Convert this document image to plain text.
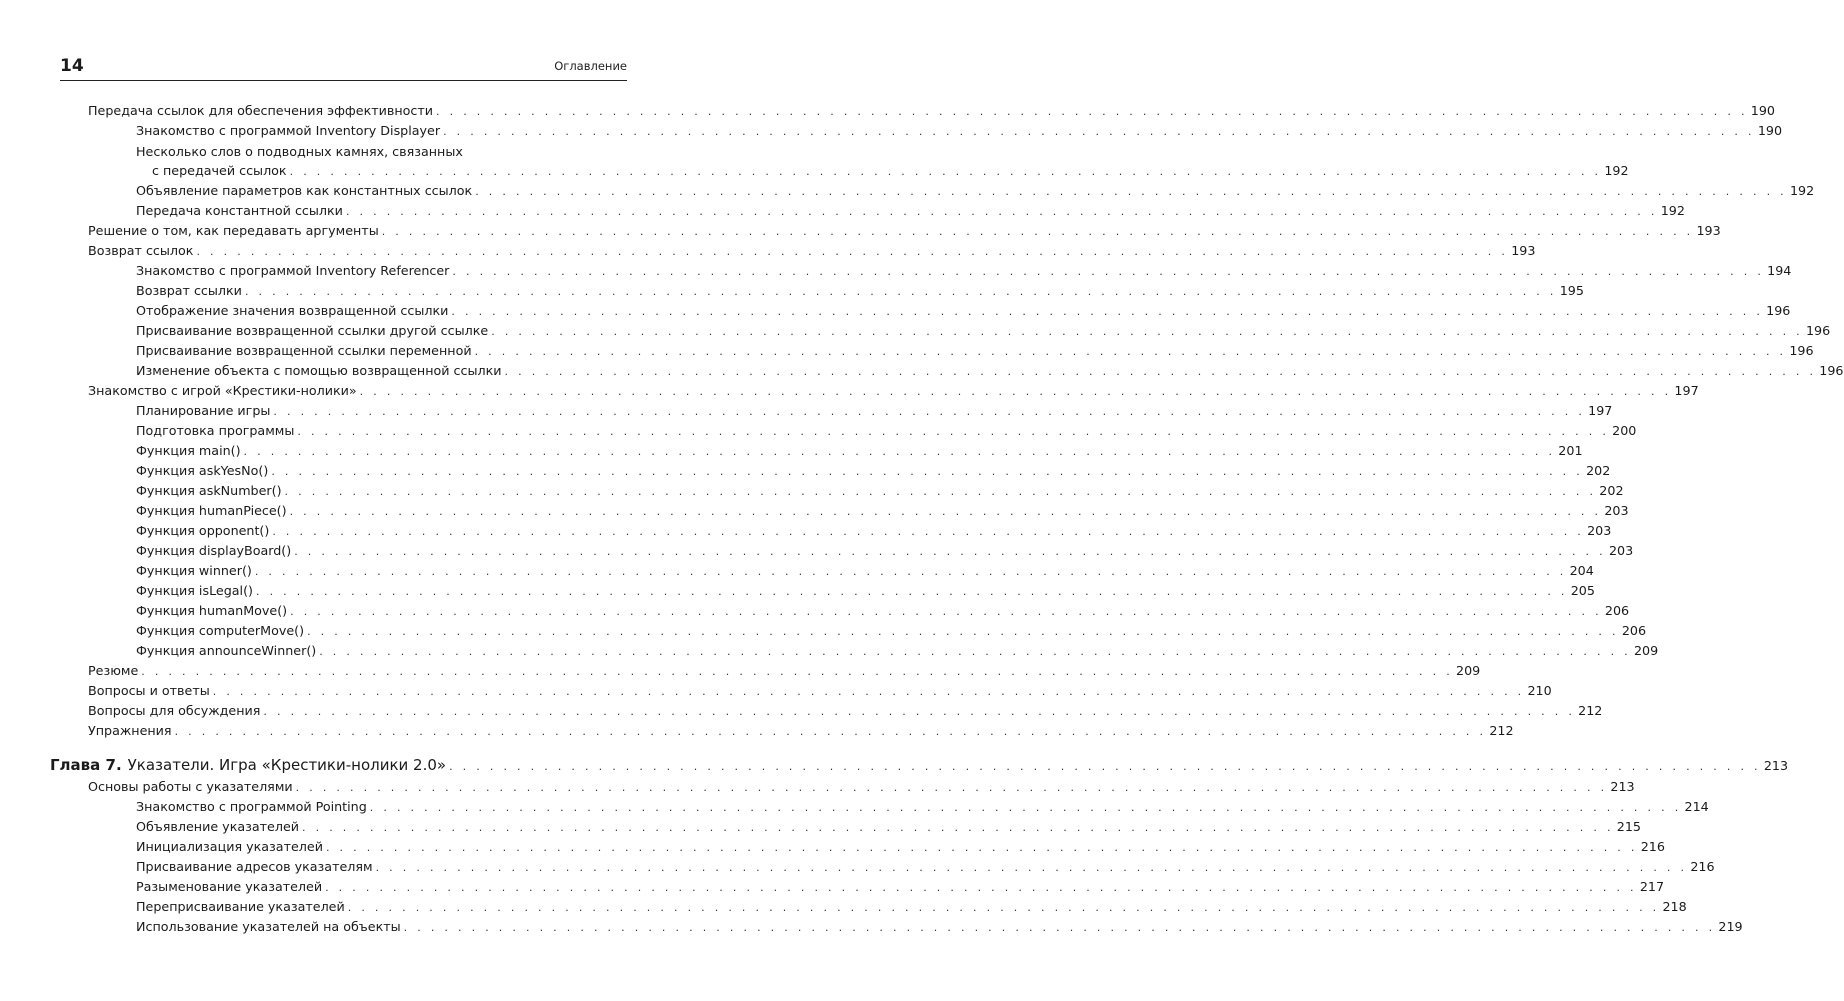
14	Оглавление
Передача ссылок для обеспечения эффективности . . . . . . . . . . . . . . . . . . . . . . . . . . . . . . . . . . . . . . . . . . . . . . . . . . . . . . . . . . . . . . . . . . . . . . . . . . . . . . . . . . . . . . . . . . . . . . . . . 190
Знакомство с программой Inventory Displayer . . . . . . . . . . . . . . . . . . . . . . . . . . . . . . . . . . . . . . . . . . . . . . . . . . . . . . . . . . . . . . . . . . . . . . . . . . . . . . . . . . . . . . . . . . . . . . . . . 190
Несколько слов о подводных камнях, связанных
с передачей ссылок . . . . . . . . . . . . . . . . . . . . . . . . . . . . . . . . . . . . . . . . . . . . . . . . . . . . . . . . . . . . . . . . . . . . . . . . . . . . . . . . . . . . . . . . . . . . . . . . . 192
Объявление параметров как константных ссылок . . . . . . . . . . . . . . . . . . . . . . . . . . . . . . . . . . . . . . . . . . . . . . . . . . . . . . . . . . . . . . . . . . . . . . . . . . . . . . . . . . . . . . . . . . . . . . . . . 192
Передача константной ссылки . . . . . . . . . . . . . . . . . . . . . . . . . . . . . . . . . . . . . . . . . . . . . . . . . . . . . . . . . . . . . . . . . . . . . . . . . . . . . . . . . . . . . . . . . . . . . . . . . 192
Решение о том, как передавать аргументы . . . . . . . . . . . . . . . . . . . . . . . . . . . . . . . . . . . . . . . . . . . . . . . . . . . . . . . . . . . . . . . . . . . . . . . . . . . . . . . . . . . . . . . . . . . . . . . . . 193
Возврат ссылок . . . . . . . . . . . . . . . . . . . . . . . . . . . . . . . . . . . . . . . . . . . . . . . . . . . . . . . . . . . . . . . . . . . . . . . . . . . . . . . . . . . . . . . . . . . . . . . . . 193
Знакомство с программой Inventory Referencer . . . . . . . . . . . . . . . . . . . . . . . . . . . . . . . . . . . . . . . . . . . . . . . . . . . . . . . . . . . . . . . . . . . . . . . . . . . . . . . . . . . . . . . . . . . . . . . . . 194
Возврат ссылки . . . . . . . . . . . . . . . . . . . . . . . . . . . . . . . . . . . . . . . . . . . . . . . . . . . . . . . . . . . . . . . . . . . . . . . . . . . . . . . . . . . . . . . . . . . . . . . . . 195
Отображение значения возвращенной ссылки . . . . . . . . . . . . . . . . . . . . . . . . . . . . . . . . . . . . . . . . . . . . . . . . . . . . . . . . . . . . . . . . . . . . . . . . . . . . . . . . . . . . . . . . . . . . . . . . . 196
Присваивание возвращенной ссылки другой ссылке . . . . . . . . . . . . . . . . . . . . . . . . . . . . . . . . . . . . . . . . . . . . . . . . . . . . . . . . . . . . . . . . . . . . . . . . . . . . . . . . . . . . . . . . . . . . . . . . . 196
Присваивание возвращенной ссылки переменной . . . . . . . . . . . . . . . . . . . . . . . . . . . . . . . . . . . . . . . . . . . . . . . . . . . . . . . . . . . . . . . . . . . . . . . . . . . . . . . . . . . . . . . . . . . . . . . . . 196
Изменение объекта с помощью возвращенной ссылки . . . . . . . . . . . . . . . . . . . . . . . . . . . . . . . . . . . . . . . . . . . . . . . . . . . . . . . . . . . . . . . . . . . . . . . . . . . . . . . . . . . . . . . . . . . . . . . . . 196
Знакомство с игрой «Крестики-нолики» . . . . . . . . . . . . . . . . . . . . . . . . . . . . . . . . . . . . . . . . . . . . . . . . . . . . . . . . . . . . . . . . . . . . . . . . . . . . . . . . . . . . . . . . . . . . . . . . . 197
Планирование игры . . . . . . . . . . . . . . . . . . . . . . . . . . . . . . . . . . . . . . . . . . . . . . . . . . . . . . . . . . . . . . . . . . . . . . . . . . . . . . . . . . . . . . . . . . . . . . . . . 197
Подготовка программы . . . . . . . . . . . . . . . . . . . . . . . . . . . . . . . . . . . . . . . . . . . . . . . . . . . . . . . . . . . . . . . . . . . . . . . . . . . . . . . . . . . . . . . . . . . . . . . . . 200
Функция main() . . . . . . . . . . . . . . . . . . . . . . . . . . . . . . . . . . . . . . . . . . . . . . . . . . . . . . . . . . . . . . . . . . . . . . . . . . . . . . . . . . . . . . . . . . . . . . . . . 201
Функция askYesNo() . . . . . . . . . . . . . . . . . . . . . . . . . . . . . . . . . . . . . . . . . . . . . . . . . . . . . . . . . . . . . . . . . . . . . . . . . . . . . . . . . . . . . . . . . . . . . . . . . 202
Функция askNumber() . . . . . . . . . . . . . . . . . . . . . . . . . . . . . . . . . . . . . . . . . . . . . . . . . . . . . . . . . . . . . . . . . . . . . . . . . . . . . . . . . . . . . . . . . . . . . . . . . 202
Функция humanPiece() . . . . . . . . . . . . . . . . . . . . . . . . . . . . . . . . . . . . . . . . . . . . . . . . . . . . . . . . . . . . . . . . . . . . . . . . . . . . . . . . . . . . . . . . . . . . . . . . . 203
Функция opponent() . . . . . . . . . . . . . . . . . . . . . . . . . . . . . . . . . . . . . . . . . . . . . . . . . . . . . . . . . . . . . . . . . . . . . . . . . . . . . . . . . . . . . . . . . . . . . . . . . 203
Функция displayBoard() . . . . . . . . . . . . . . . . . . . . . . . . . . . . . . . . . . . . . . . . . . . . . . . . . . . . . . . . . . . . . . . . . . . . . . . . . . . . . . . . . . . . . . . . . . . . . . . . . 203
Функция winner() . . . . . . . . . . . . . . . . . . . . . . . . . . . . . . . . . . . . . . . . . . . . . . . . . . . . . . . . . . . . . . . . . . . . . . . . . . . . . . . . . . . . . . . . . . . . . . . . . 204
Функция isLegal() . . . . . . . . . . . . . . . . . . . . . . . . . . . . . . . . . . . . . . . . . . . . . . . . . . . . . . . . . . . . . . . . . . . . . . . . . . . . . . . . . . . . . . . . . . . . . . . . . 205
Функция humanMove() . . . . . . . . . . . . . . . . . . . . . . . . . . . . . . . . . . . . . . . . . . . . . . . . . . . . . . . . . . . . . . . . . . . . . . . . . . . . . . . . . . . . . . . . . . . . . . . . . 206
Функция computerMove() . . . . . . . . . . . . . . . . . . . . . . . . . . . . . . . . . . . . . . . . . . . . . . . . . . . . . . . . . . . . . . . . . . . . . . . . . . . . . . . . . . . . . . . . . . . . . . . . . 206
Функция announceWinner() . . . . . . . . . . . . . . . . . . . . . . . . . . . . . . . . . . . . . . . . . . . . . . . . . . . . . . . . . . . . . . . . . . . . . . . . . . . . . . . . . . . . . . . . . . . . . . . . . 209
Резюме . . . . . . . . . . . . . . . . . . . . . . . . . . . . . . . . . . . . . . . . . . . . . . . . . . . . . . . . . . . . . . . . . . . . . . . . . . . . . . . . . . . . . . . . . . . . . . . . . 209
Вопросы и ответы . . . . . . . . . . . . . . . . . . . . . . . . . . . . . . . . . . . . . . . . . . . . . . . . . . . . . . . . . . . . . . . . . . . . . . . . . . . . . . . . . . . . . . . . . . . . . . . . . 210
Вопросы для обсуждения . . . . . . . . . . . . . . . . . . . . . . . . . . . . . . . . . . . . . . . . . . . . . . . . . . . . . . . . . . . . . . . . . . . . . . . . . . . . . . . . . . . . . . . . . . . . . . . . . 212
Упражнения . . . . . . . . . . . . . . . . . . . . . . . . . . . . . . . . . . . . . . . . . . . . . . . . . . . . . . . . . . . . . . . . . . . . . . . . . . . . . . . . . . . . . . . . . . . . . . . . . 212
Глава 7. Указатели. Игра «Крестики-нолики 2.0» . . . . . . . . . . . . . . . . . . . . . . . . . . . . . . . . . . . . . . . . . . . . . . . . . . . . . . . . . . . . . . . . . . . . . . . . . . . . . . . . . . . . . . . . . . . . . . . . . 213
Основы работы с указателями . . . . . . . . . . . . . . . . . . . . . . . . . . . . . . . . . . . . . . . . . . . . . . . . . . . . . . . . . . . . . . . . . . . . . . . . . . . . . . . . . . . . . . . . . . . . . . . . . 213
Знакомство с программой Pointing . . . . . . . . . . . . . . . . . . . . . . . . . . . . . . . . . . . . . . . . . . . . . . . . . . . . . . . . . . . . . . . . . . . . . . . . . . . . . . . . . . . . . . . . . . . . . . . . . 214
Объявление указателей . . . . . . . . . . . . . . . . . . . . . . . . . . . . . . . . . . . . . . . . . . . . . . . . . . . . . . . . . . . . . . . . . . . . . . . . . . . . . . . . . . . . . . . . . . . . . . . . . 215
Инициализация указателей . . . . . . . . . . . . . . . . . . . . . . . . . . . . . . . . . . . . . . . . . . . . . . . . . . . . . . . . . . . . . . . . . . . . . . . . . . . . . . . . . . . . . . . . . . . . . . . . . 216
Присваивание адресов указателям . . . . . . . . . . . . . . . . . . . . . . . . . . . . . . . . . . . . . . . . . . . . . . . . . . . . . . . . . . . . . . . . . . . . . . . . . . . . . . . . . . . . . . . . . . . . . . . . . 216
Разыменование указателей . . . . . . . . . . . . . . . . . . . . . . . . . . . . . . . . . . . . . . . . . . . . . . . . . . . . . . . . . . . . . . . . . . . . . . . . . . . . . . . . . . . . . . . . . . . . . . . . . 217
Переприсваивание указателей . . . . . . . . . . . . . . . . . . . . . . . . . . . . . . . . . . . . . . . . . . . . . . . . . . . . . . . . . . . . . . . . . . . . . . . . . . . . . . . . . . . . . . . . . . . . . . . . . 218
Использование указателей на объекты . . . . . . . . . . . . . . . . . . . . . . . . . . . . . . . . . . . . . . . . . . . . . . . . . . . . . . . . . . . . . . . . . . . . . . . . . . . . . . . . . . . . . . . . . . . . . . . . . 219
